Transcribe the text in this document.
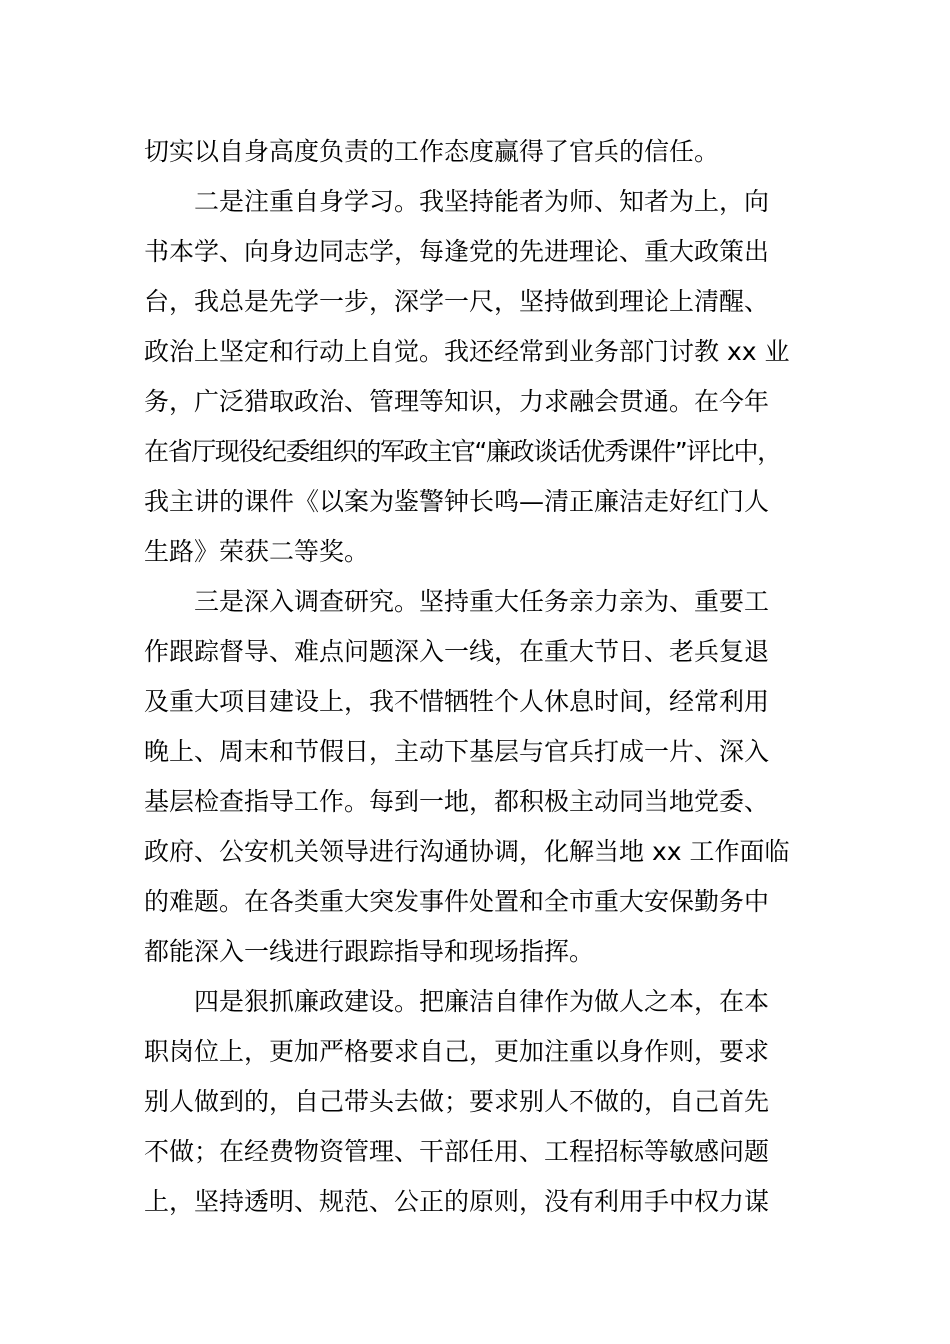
切实以自身高度负责的工作态度赢得了官兵的信任。
二是注重自身学习。我坚持能者为师、知者为上，向
书本学、向身边同志学，每逢党的先进理论、重大政策出
台，我总是先学一步，深学一尺，坚持做到理论上清醒、
政治上坚定和行动上自觉。我还经常到业务部门讨教 xx 业
务，广泛猎取政治、管理等知识，力求融会贯通。在今年
在省厅现役纪委组织的军政主官“廉政谈话优秀课件”评比中，
我主讲的课件《以案为鉴警钟长鸣—清正廉洁走好红门人
生路》荣获二等奖。
三是深入调查研究。坚持重大任务亲力亲为、重要工
作跟踪督导、难点问题深入一线，在重大节日、老兵复退
及重大项目建设上，我不惜牺牲个人休息时间，经常利用
晚上、周末和节假日，主动下基层与官兵打成一片、深入
基层检查指导工作。每到一地，都积极主动同当地党委、
政府、公安机关领导进行沟通协调，化解当地 xx 工作面临
的难题。在各类重大突发事件处置和全市重大安保勤务中
都能深入一线进行跟踪指导和现场指挥。
四是狠抓廉政建设。把廉洁自律作为做人之本，在本
职岗位上，更加严格要求自己，更加注重以身作则，要求
别人做到的，自己带头去做；要求别人不做的，自己首先
不做；在经费物资管理、干部任用、工程招标等敏感问题
上，坚持透明、规范、公正的原则，没有利用手中权力谋
